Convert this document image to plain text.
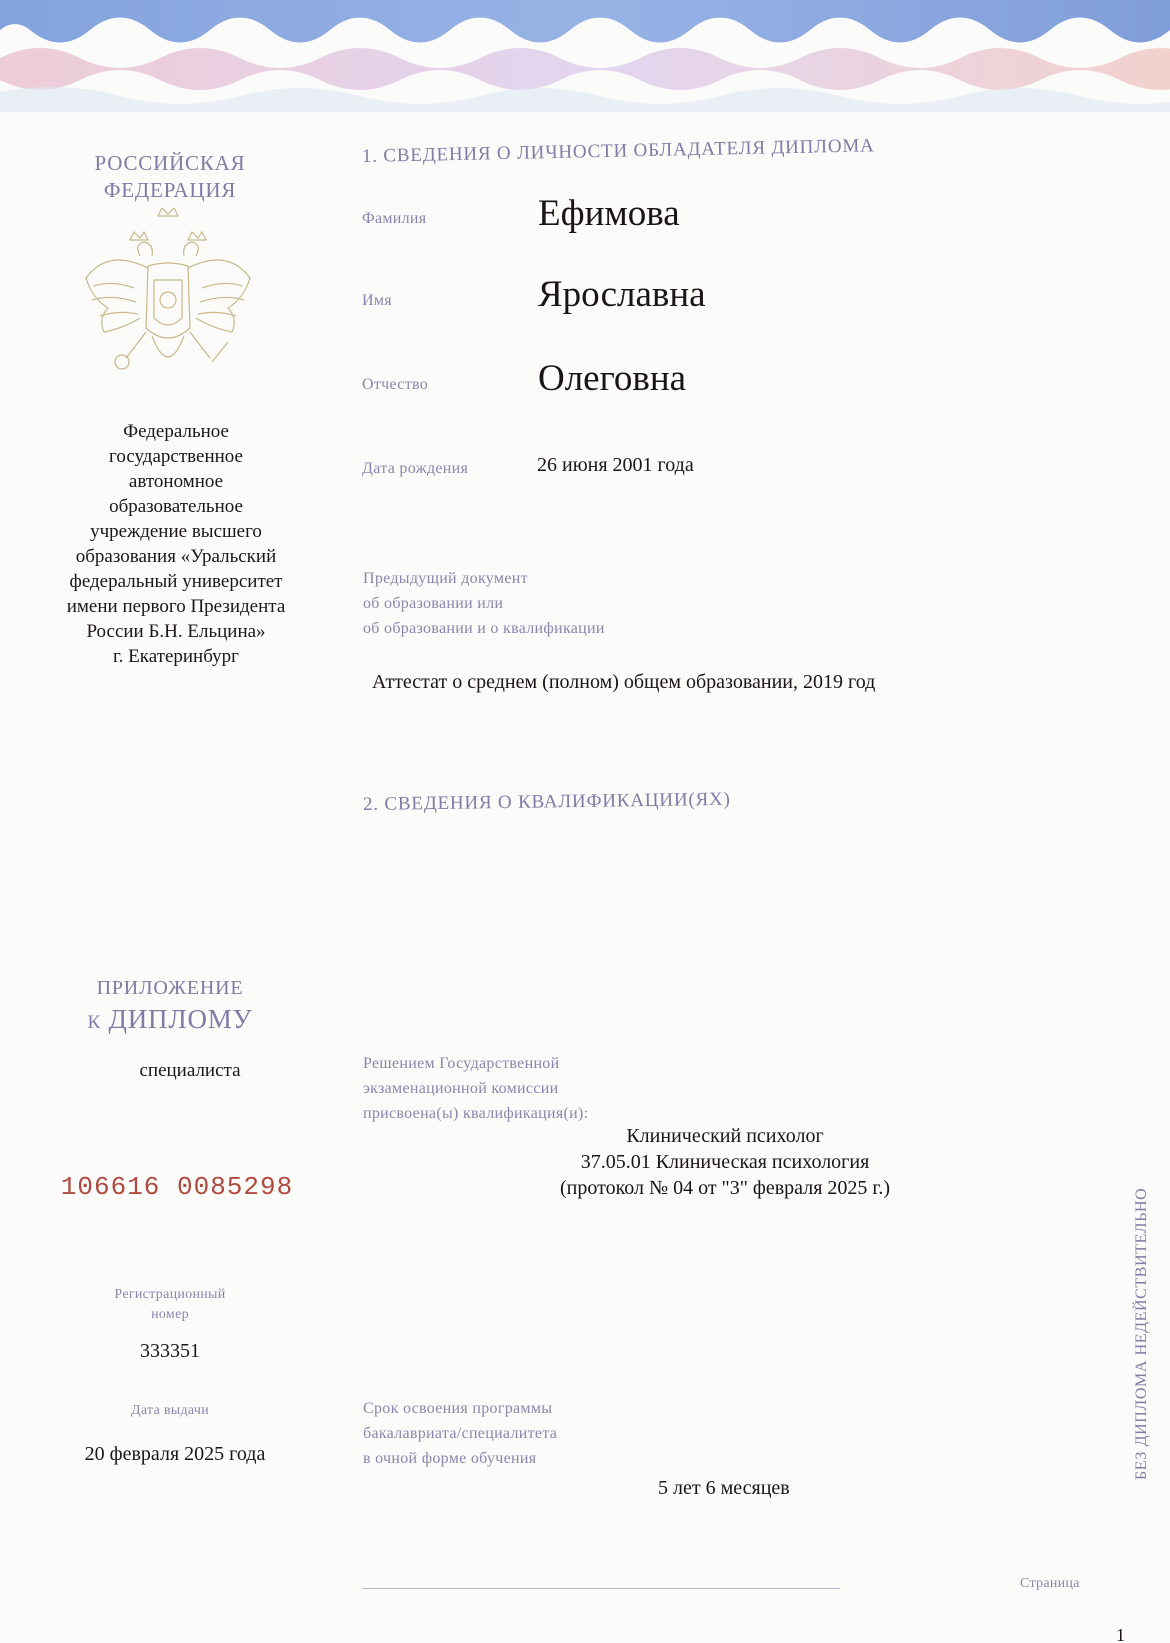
РОССИЙСКАЯ
ФЕДЕРАЦИЯ
Федеральное
государственное
автономное
образовательное
учреждение высшего
образования «Уральский
федеральный университет
имени первого Президента
России Б.Н. Ельцина»
г. Екатеринбург
ПРИЛОЖЕНИЕ
к ДИПЛОМУ
специалиста
106616 0085298
Регистрационный
номер
333351
Дата выдачи
20 февраля 2025 года
1. СВЕДЕНИЯ О ЛИЧНОСТИ ОБЛАДАТЕЛЯ ДИПЛОМА
Фамилия	Ефимова
Имя	Ярославна
Отчество	Олеговна
Дата рождения	26 июня 2001 года
Предыдущий документ
об образовании или
об образовании и о квалификации
Аттестат о среднем (полном) общем образовании, 2019 год
2. СВЕДЕНИЯ О КВАЛИФИКАЦИИ(ЯХ)
Решением Государственной
экзаменационной комиссии
присвоена(ы) квалификация(и):
Клинический психолог
37.05.01 Клиническая психология
(протокол № 04 от "3" февраля 2025 г.)
Срок освоения программы
бакалавриата/специалитета
в очной форме обучения
5 лет 6 месяцев
Страница
1
БЕЗ ДИПЛОМА НЕДЕЙСТВИТЕЛЬНО
